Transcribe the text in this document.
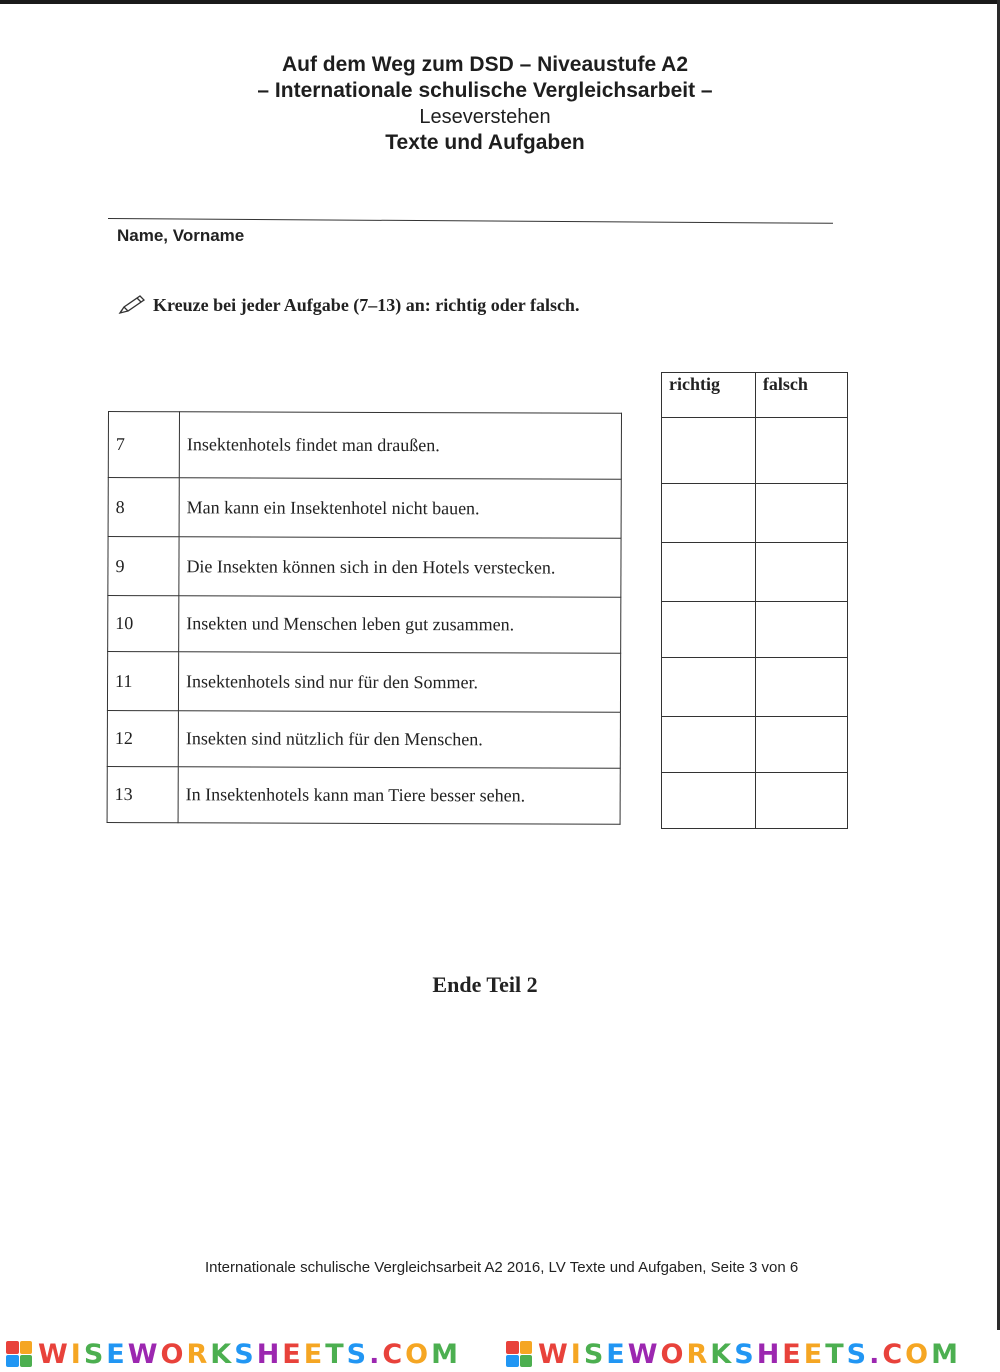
Auf dem Weg zum DSD – Niveaustufe A2
– Internationale schulische Vergleichsarbeit –
Leseverstehen
Texte und Aufgaben
Name, Vorname
Kreuze bei jeder Aufgabe (7–13) an: richtig oder falsch.
7	Insektenhotels findet man draußen.
8	Man kann ein Insektenhotel nicht bauen.
9	Die Insekten können sich in den Hotels verstecken.
10	Insekten und Menschen leben gut zusammen.
11	Insektenhotels sind nur für den Sommer.
12	Insekten sind nützlich für den Menschen.
13	In Insektenhotels kann man Tiere besser sehen.
richtig	falsch

Ende Teil 2
Internationale schulische Vergleichsarbeit A2 2016, LV Texte und Aufgaben, Seite 3 von 6
WISEWORKSHEETS.COM	WISEWORKSHEETS.COM
